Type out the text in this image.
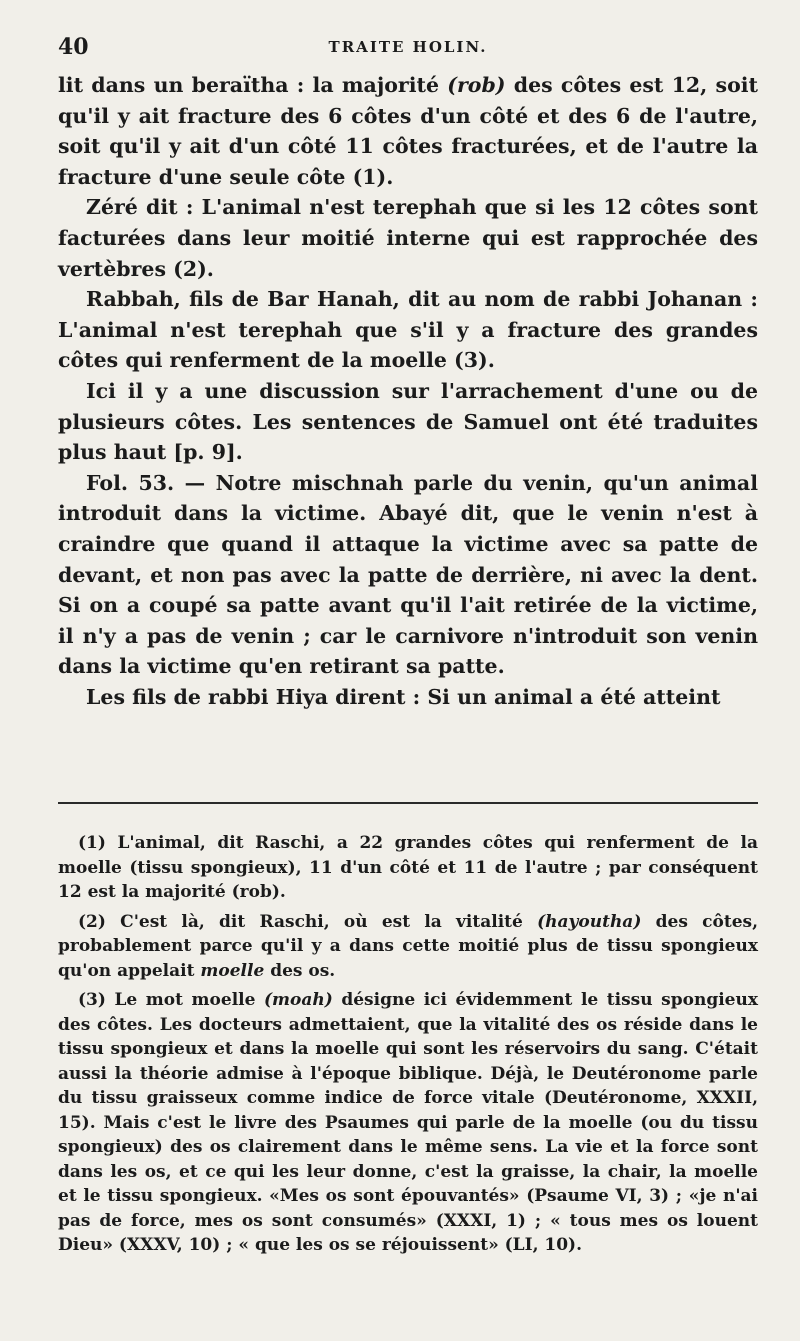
40	TRAITE HOLIN.

lit dans un beraïtha : la majorité (rob) des côtes est 12, soit qu'il y ait fracture des 6 côtes d'un côté et des 6 de l'autre, soit qu'il y ait d'un côté 11 côtes fracturées, et de l'autre la fracture d'une seule côte (1).

Zéré dit : L'animal n'est terephah que si les 12 côtes sont facturées dans leur moitié interne qui est rapprochée des vertèbres (2).

Rabbah, fils de Bar Hanah, dit au nom de rabbi Johanan : L'animal n'est terephah que s'il y a fracture des grandes côtes qui renferment de la moelle (3).

Ici il y a une discussion sur l'arrachement d'une ou de plusieurs côtes. Les sentences de Samuel ont été traduites plus haut [p. 9].

Fol. 53. — Notre mischnah parle du venin, qu'un animal introduit dans la victime. Abayé dit, que le venin n'est à craindre que quand il attaque la victime avec sa patte de devant, et non pas avec la patte de derrière, ni avec la dent. Si on a coupé sa patte avant qu'il l'ait retirée de la victime, il n'y a pas de venin ; car le carnivore n'introduit son venin dans la victime qu'en retirant sa patte.

Les fils de rabbi Hiya dirent : Si un animal a été atteint

(1) L'animal, dit Raschi, a 22 grandes côtes qui renferment de la moelle (tissu spongieux), 11 d'un côté et 11 de l'autre ; par conséquent 12 est la majorité (rob).

(2) C'est là, dit Raschi, où est la vitalité (hayoutha) des côtes, probablement parce qu'il y a dans cette moitié plus de tissu spongieux qu'on appelait moelle des os.

(3) Le mot moelle (moah) désigne ici évidemment le tissu spongieux des côtes. Les docteurs admettaient, que la vitalité des os réside dans le tissu spongieux et dans la moelle qui sont les réservoirs du sang. C'était aussi la théorie admise à l'époque biblique. Déjà, le Deutéronome parle du tissu graisseux comme indice de force vitale (Deutéronome, XXXII, 15). Mais c'est le livre des Psaumes qui parle de la moelle (ou du tissu spongieux) des os clairement dans le même sens. La vie et la force sont dans les os, et ce qui les leur donne, c'est la graisse, la chair, la moelle et le tissu spongieux. «Mes os sont épouvantés» (Psaume VI, 3) ; «je n'ai pas de force, mes os sont consumés» (XXXI, 1) ; « tous mes os louent Dieu» (XXXV, 10) ; « que les os se réjouissent» (LI, 10).
